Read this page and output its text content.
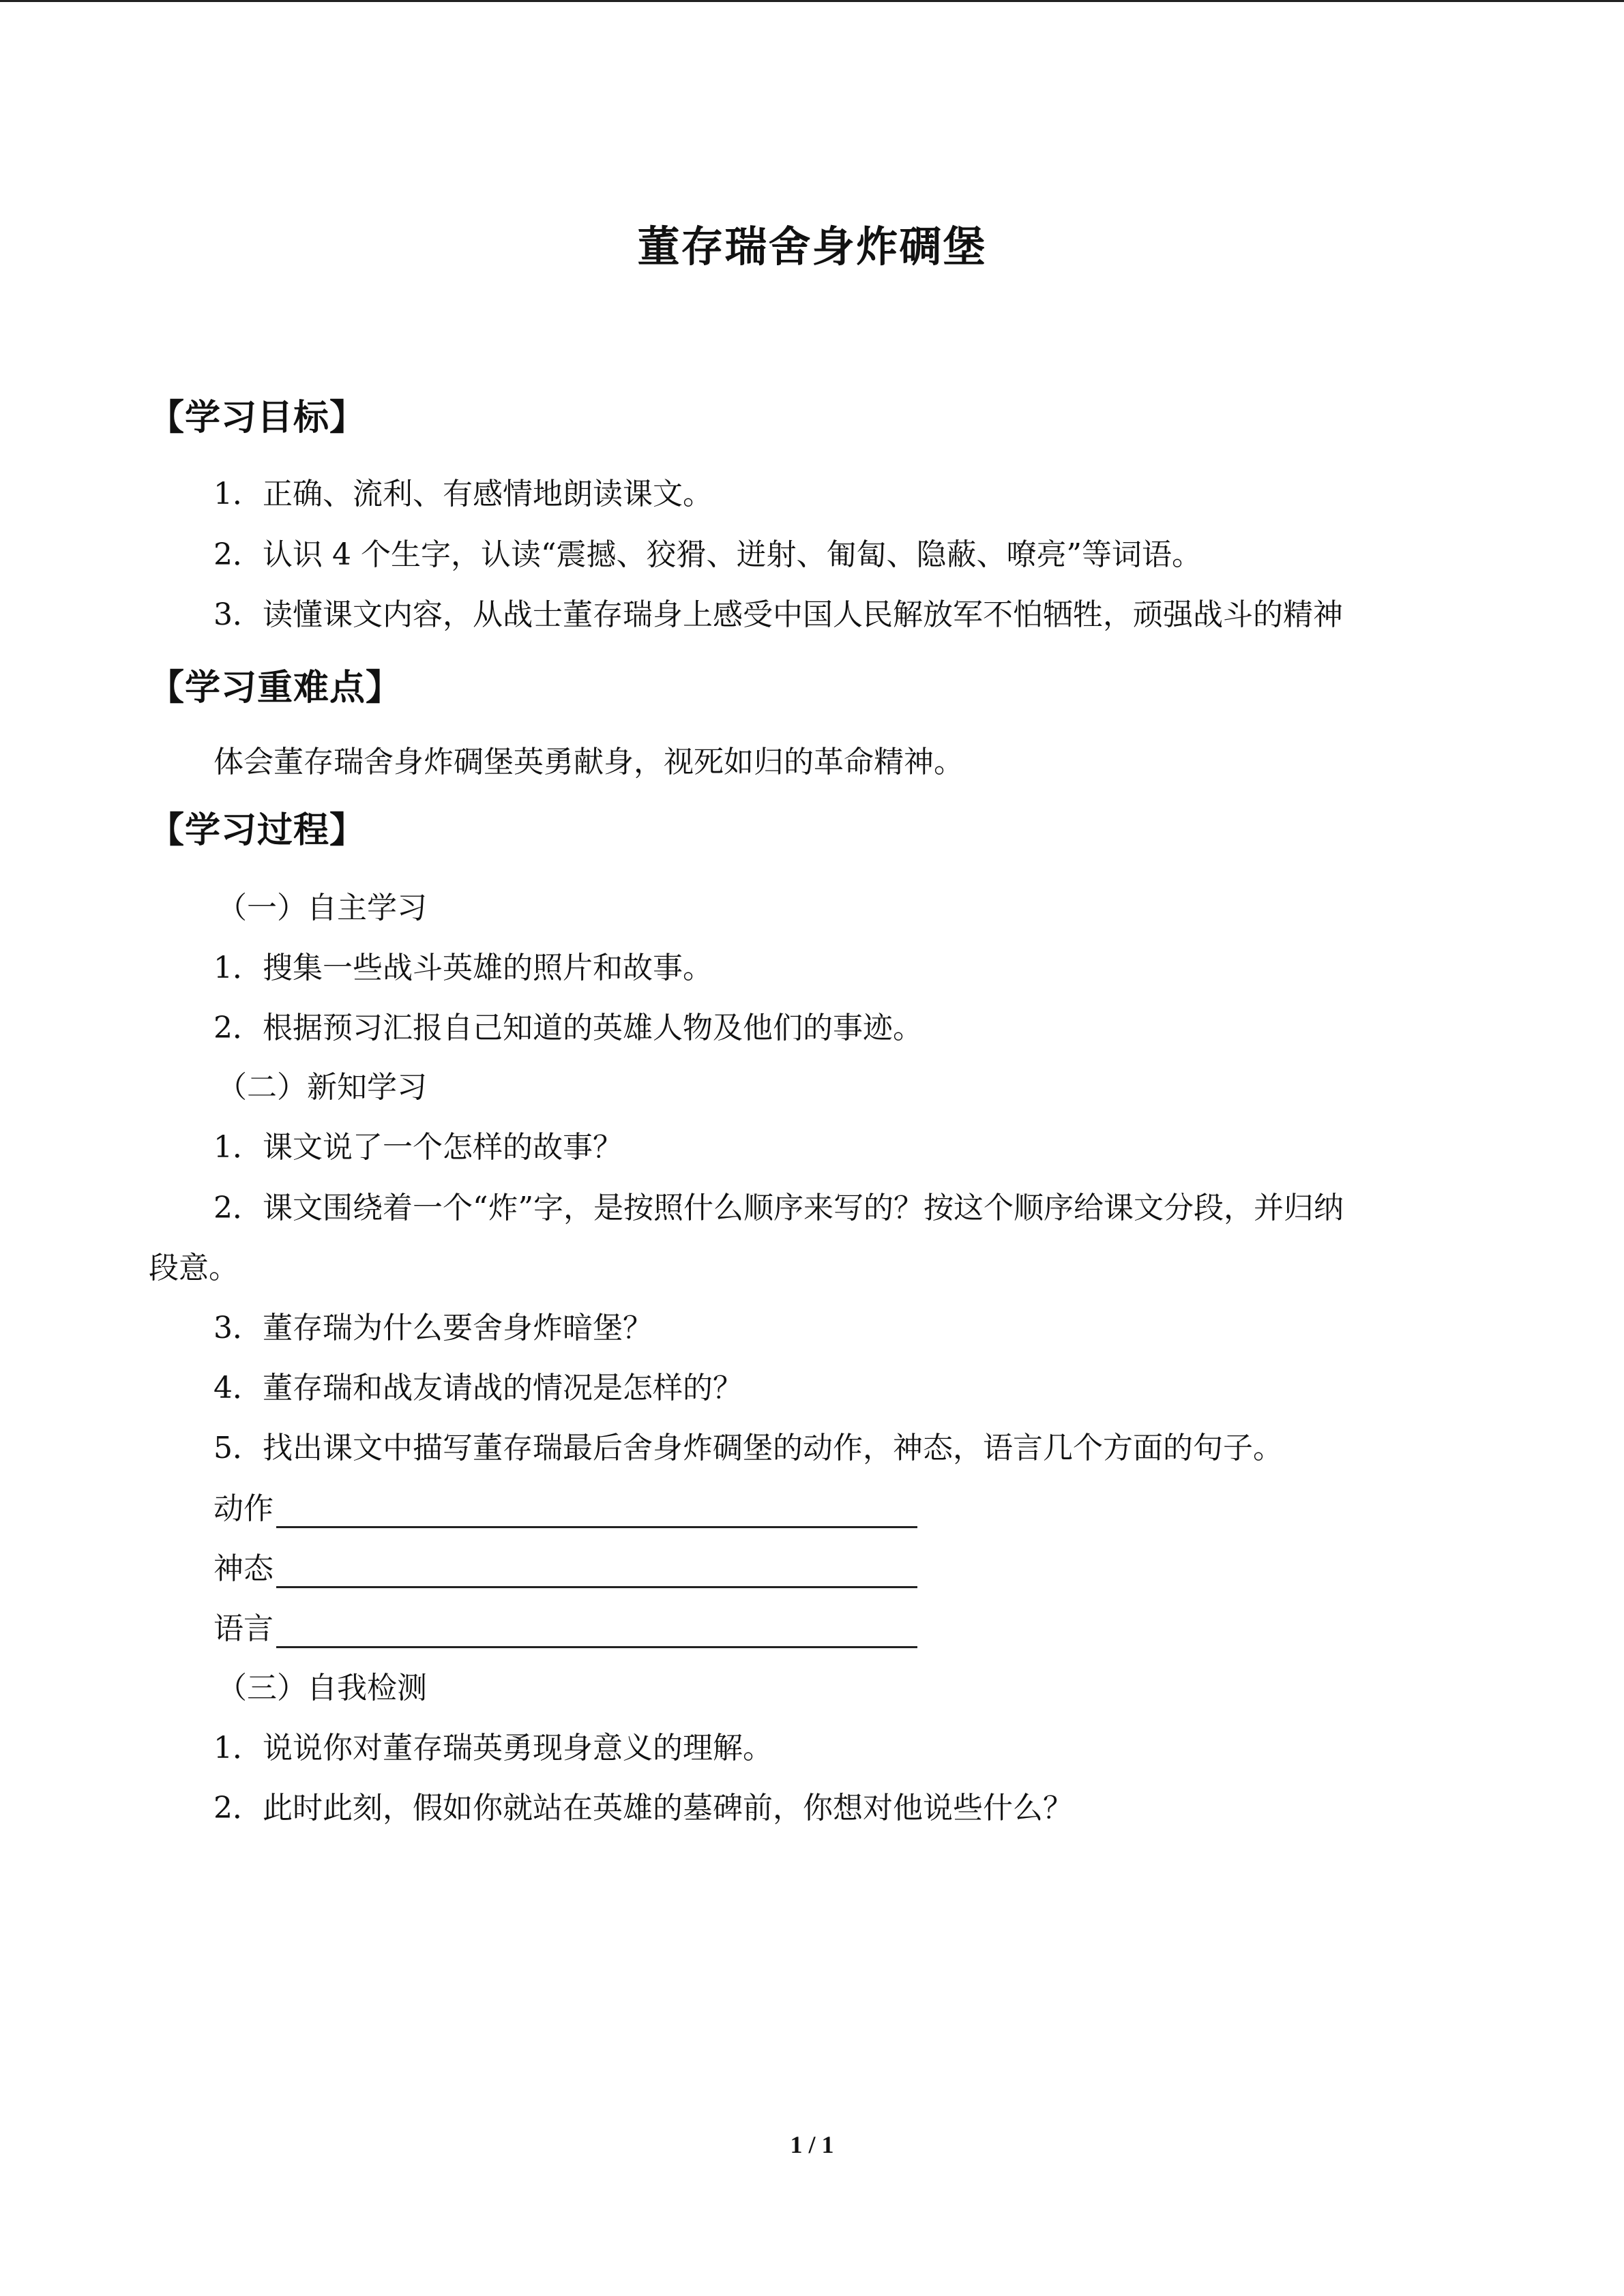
董存瑞舍身炸碉堡
【学习目标】
1．正确、流利、有感情地朗读课文。
2．认识 4 个生字，认读“震撼、狡猾、迸射、匍匐、隐蔽、嘹亮”等词语。
3．读懂课文内容，从战士董存瑞身上感受中国人民解放军不怕牺牲，顽强战斗的精神
【学习重难点】
体会董存瑞舍身炸碉堡英勇献身，视死如归的革命精神。
【学习过程】
（一）自主学习
1．搜集一些战斗英雄的照片和故事。
2．根据预习汇报自己知道的英雄人物及他们的事迹。
（二）新知学习
1．课文说了一个怎样的故事？
2．课文围绕着一个“炸”字，是按照什么顺序来写的？按这个顺序给课文分段，并归纳
段意。
3．董存瑞为什么要舍身炸暗堡？
4．董存瑞和战友请战的情况是怎样的？
5．找出课文中描写董存瑞最后舍身炸碉堡的动作，神态，语言几个方面的句子。
动作
神态
语言
（三）自我检测
1．说说你对董存瑞英勇现身意义的理解。
2．此时此刻，假如你就站在英雄的墓碑前，你想对他说些什么？
1 / 1
